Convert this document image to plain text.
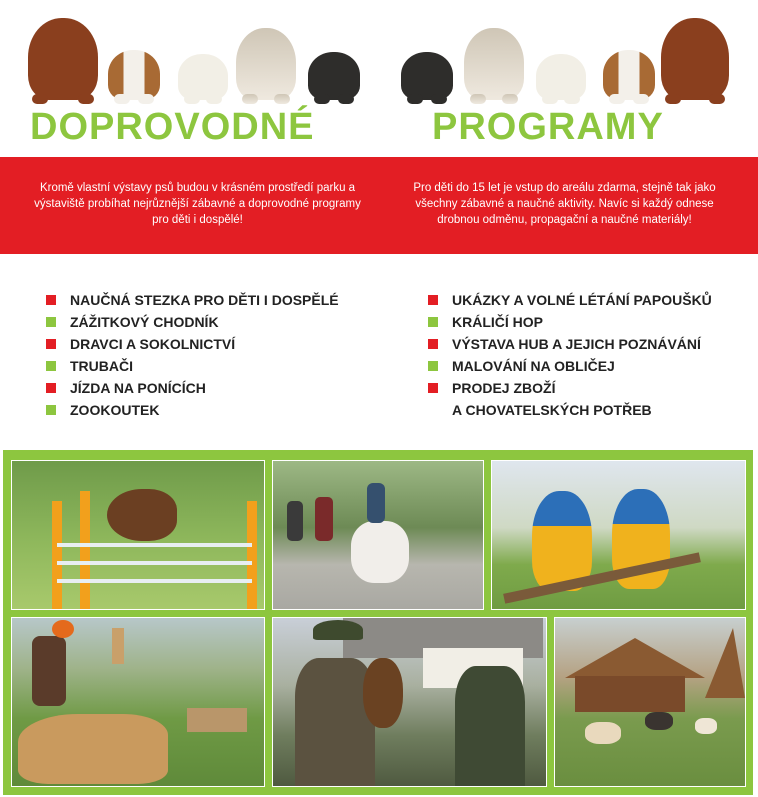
DOPROVODNÉ	PROGRAMY
Kromě vlastní výstavy psů budou v krásném prostředí parku a výstaviště probíhat nejrůznější zábavné a doprovodné programy pro děti i dospělé!
Pro děti do 15 let je vstup do areálu zdarma, stejně tak jako všechny zábavné a naučné aktivity. Navíc si každý odnese drobnou odměnu, propagační a naučné materiály!
NAUČNÁ STEZKA PRO DĚTI I DOSPĚLÉ
ZÁŽITKOVÝ CHODNÍK
DRAVCI A SOKOLNICTVÍ
TRUBAČI
JÍZDA NA PONÍCÍCH
ZOOKOUTEK
UKÁZKY A VOLNÉ LÉTÁNÍ PAPOUŠKŮ
KRÁLIČÍ HOP
VÝSTAVA HUB A JEJICH POZNÁVÁNÍ
MALOVÁNÍ NA OBLIČEJ
PRODEJ ZBOŽÍ
A CHOVATELSKÝCH POTŘEB
